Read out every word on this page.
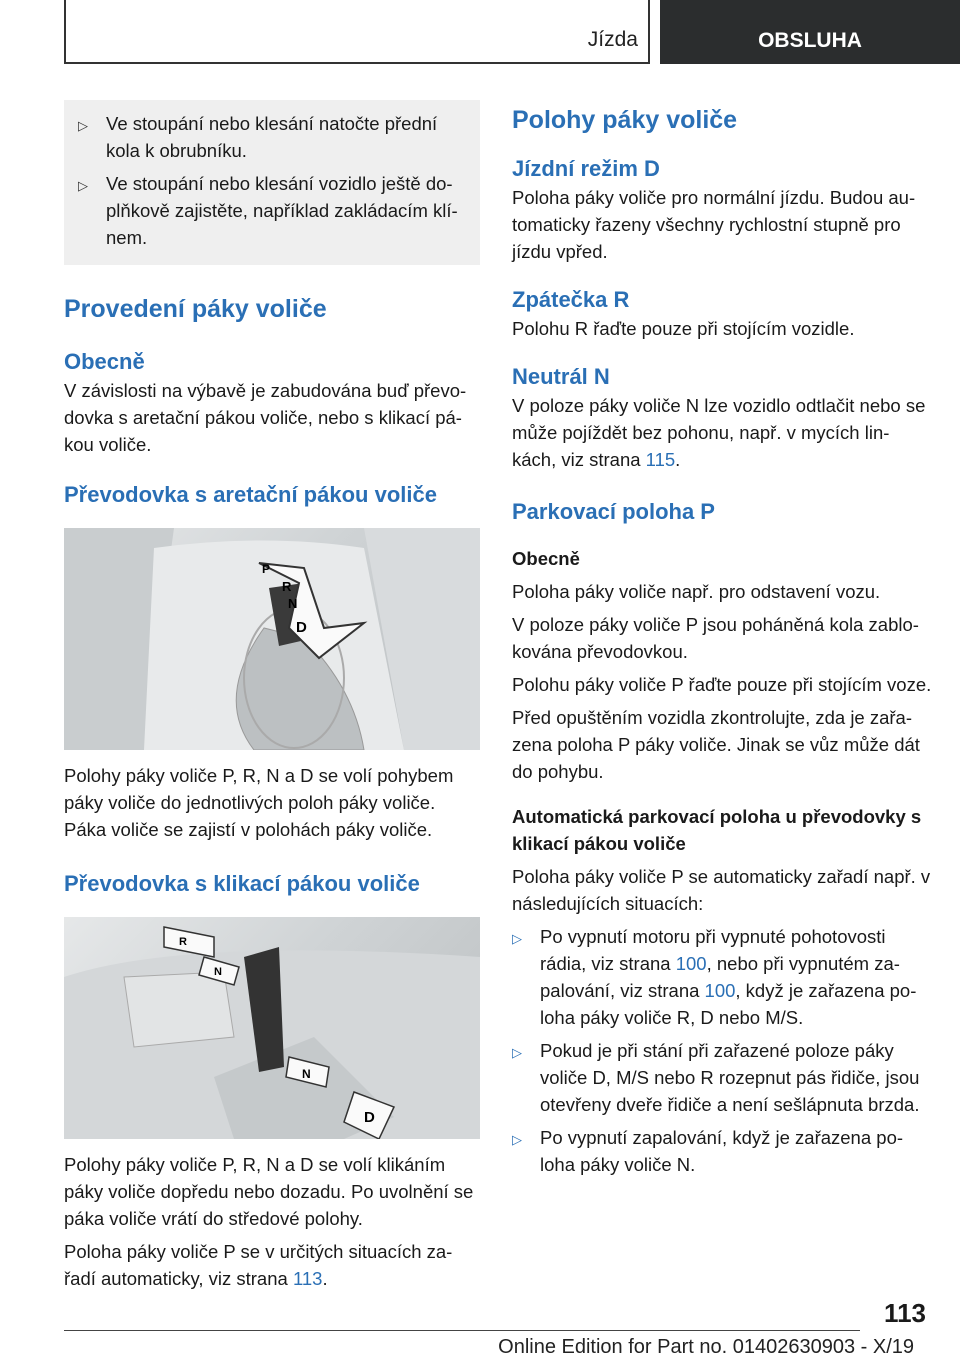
Jízda	OBSLUHA
▷ Ve stoupání nebo klesání natočte přední kola k obrubníku.
▷ Ve stoupání nebo klesání vozidlo ještě do-plňkově zajistěte, například zakládacím klí-nem.
Provedení páky voliče
Obecně

V závislosti na výbavě je zabudována buď převo-dovka s aretační pákou voliče, nebo s klikací pá-kou voliče.

Převodovka s aretační pákou voliče
P
R
N
D

Polohy páky voliče P, R, N a D se volí pohybem páky voliče do jednotlivých poloh páky voliče. Páka voliče se zajistí v polohách páky voliče.

Převodovka s klikací pákou voliče
R
N
N
D

Polohy páky voliče P, R, N a D se volí klikáním páky voliče dopředu nebo dozadu. Po uvolnění se páka voliče vrátí do středové polohy.

Poloha páky voliče P se v určitých situacích za-řadí automaticky, viz strana 113.

Polohy páky voliče
Jízdní režim D

Poloha páky voliče pro normální jízdu. Budou au-tomaticky řazeny všechny rychlostní stupně pro jízdu vpřed.

Zpátečka R

Polohu R řaďte pouze při stojícím vozidle.

Neutrál N

V poloze páky voliče N lze vozidlo odtlačit nebo se může pojíždět bez pohonu, např. v mycích lin-kách, viz strana 115.

Parkovací poloha P
Obecně

Poloha páky voliče např. pro odstavení vozu.

V poloze páky voliče P jsou poháněná kola zablo-kována převodovkou.

Polohu páky voliče P řaďte pouze při stojícím voze.

Před opuštěním vozidla zkontrolujte, zda je zařa-zena poloha P páky voliče. Jinak se vůz může dát do pohybu.

Automatická parkovací poloha u převodovky s klikací pákou voliče

Poloha páky voliče P se automaticky zařadí např. v následujících situacích:

▷ Po vypnutí motoru při vypnuté pohotovosti rádia, viz strana 100, nebo při vypnutém za-palování, viz strana 100, když je zařazena po-loha páky voliče R, D nebo M/S.
▷ Pokud je při stání při zařazené poloze páky voliče D, M/S nebo R rozepnut pás řidiče, jsou otevřeny dveře řidiče a není sešlápnuta brzda.
▷ Po vypnutí zapalování, když je zařazena po-loha páky voliče N.
113
Online Edition for Part no. 01402630903 - X/19
